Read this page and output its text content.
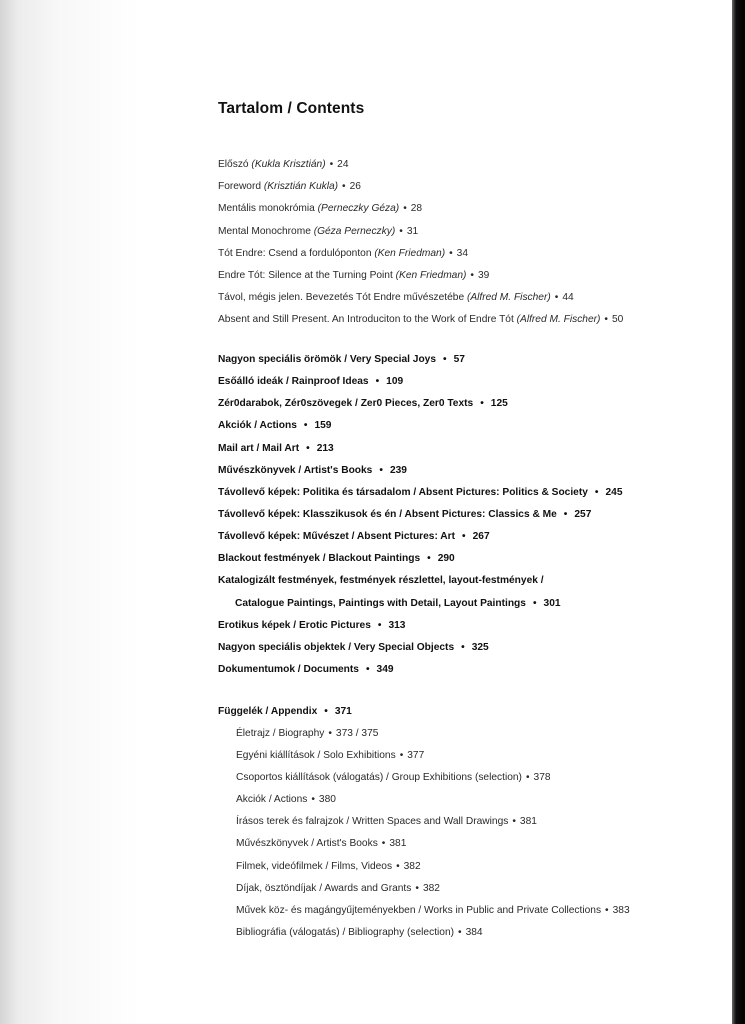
Tartalom / Contents
Előszó (Kukla Krisztián) • 24
Foreword (Krisztián Kukla) • 26
Mentális monokrómia (Perneczky Géza) • 28
Mental Monochrome (Géza Perneczky) • 31
Tót Endre: Csend a fordulóponton (Ken Friedman) • 34
Endre Tót: Silence at the Turning Point (Ken Friedman) • 39
Távol, mégis jelen. Bevezetés Tót Endre művészetébe (Alfred M. Fischer) • 44
Absent and Still Present. An Introduciton to the Work of Endre Tót (Alfred M. Fischer) • 50
Nagyon speciális örömök / Very Special Joys • 57
Esőálló ideák / Rainproof Ideas • 109
Zér0darabok, Zér0szövegek / Zer0 Pieces, Zer0 Texts • 125
Akciók / Actions • 159
Mail art / Mail Art • 213
Művészkönyvek / Artist's Books • 239
Távollevő képek: Politika és társadalom / Absent Pictures: Politics & Society • 245
Távollevő képek: Klasszikusok és én / Absent Pictures: Classics & Me • 257
Távollevő képek: Művészet / Absent Pictures: Art • 267
Blackout festmények / Blackout Paintings • 290
Katalogizált festmények, festmények részlettel, layout-festmények /
Catalogue Paintings, Paintings with Detail, Layout Paintings • 301
Erotikus képek / Erotic Pictures • 313
Nagyon speciális objektek / Very Special Objects • 325
Dokumentumok / Documents • 349
Függelék / Appendix • 371
Életrajz / Biography • 373 / 375
Egyéni kiállítások / Solo Exhibitions • 377
Csoportos kiállítások (válogatás) / Group Exhibitions (selection) • 378
Akciók / Actions • 380
Írásos terek és falrajzok / Written Spaces and Wall Drawings • 381
Művészkönyvek / Artist's Books • 381
Filmek, videófilmek / Films, Videos • 382
Díjak, ösztöndíjak / Awards and Grants • 382
Művek köz- és magángyűjteményekben / Works in Public and Private Collections • 383
Bibliográfia (válogatás) / Bibliography (selection) • 384
